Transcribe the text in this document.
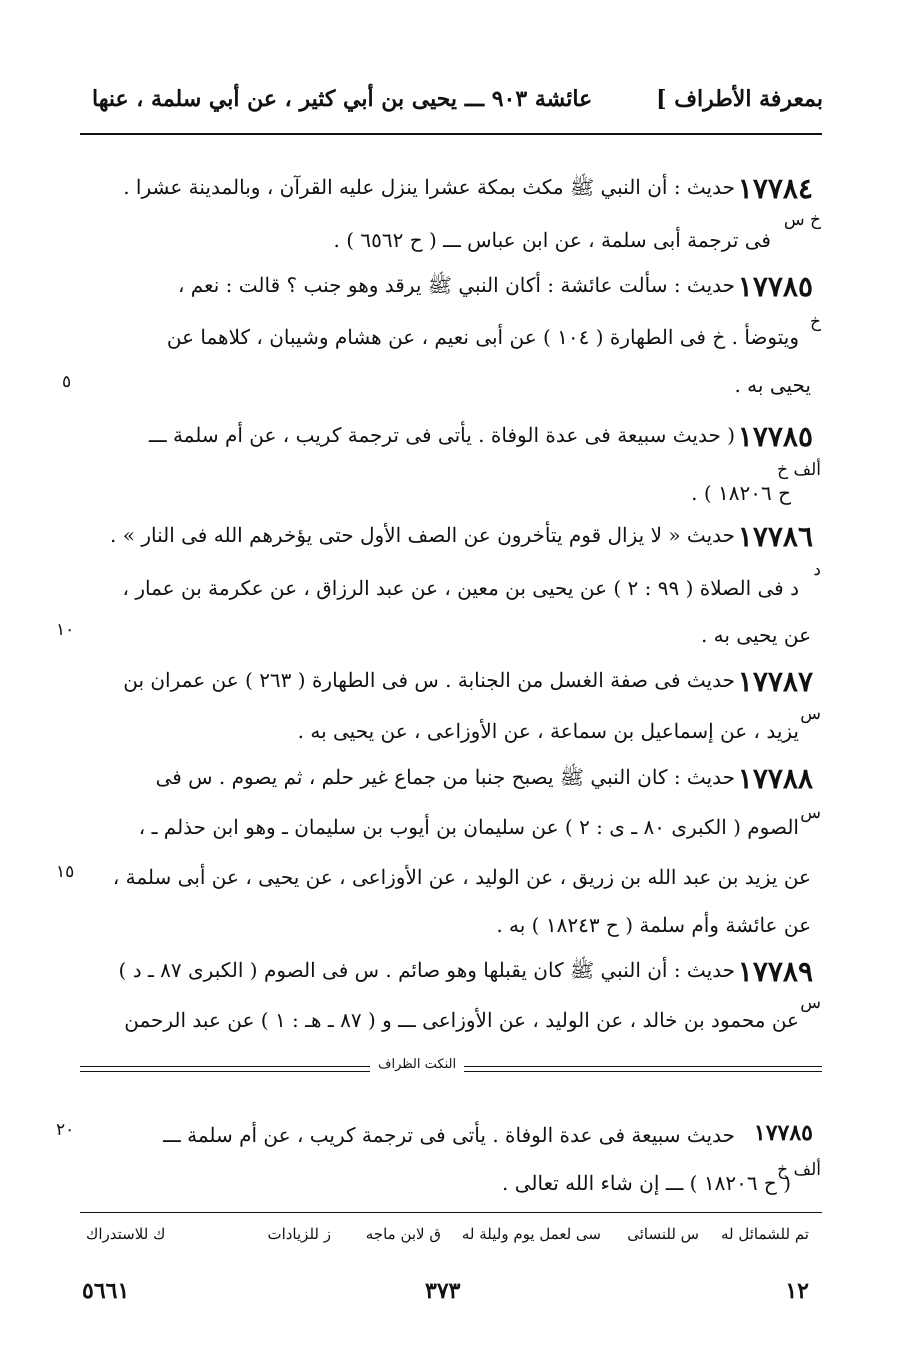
بمعرفة الأطراف ]
عائشة ٩٠٣ ـــ يحيى بن أبي كثير ، عن أبي سلمة ، عنها
١٧٧٨٤
حديث : أن النبي ﷺ مكث بمكة عشرا ينزل عليه القرآن ، وبالمدينة عشرا .
خ س
فى ترجمة أبى سلمة ، عن ابن عباس ـــ ( ح ٦٥٦٢ ) .
١٧٧٨٥
حديث : سألت عائشة : أكان النبي ﷺ يرقد وهو جنب ؟ قالت : نعم ،
خ
ويتوضأ . خ فى الطهارة ( ١٠٤ ) عن أبى نعيم ، عن هشام وشيبان ، كلاهما عن
يحيى به .
١٧٧٨٥
( حديث سبيعة فى عدة الوفاة . يأتى فى ترجمة كريب ، عن أم سلمة ـــ
ألف خ
ح ١٨٢٠٦ ) .
١٧٧٨٦
حديث « لا يزال قوم يتأخرون عن الصف الأول حتى يؤخرهم الله فى النار » .
د
د فى الصلاة ( ٩٩ : ٢ ) عن يحيى بن معين ، عن عبد الرزاق ، عن عكرمة بن عمار ،
عن يحيى به .
١٧٧٨٧
حديث فى صفة الغسل من الجنابة . س فى الطهارة ( ٢٦٣ ) عن عمران بن
س
يزيد ، عن إسماعيل بن سماعة ، عن الأوزاعى ، عن يحيى به .
١٧٧٨٨
حديث : كان النبي ﷺ يصبح جنبا من جماع غير حلم ، ثم يصوم . س فى
س
الصوم ( الكبرى ٨٠ ـ ى : ٢ ) عن سليمان بن أيوب بن سليمان ـ وهو ابن حذلم ـ ،
عن يزيد بن عبد الله بن زريق ، عن الوليد ، عن الأوزاعى ، عن يحيى ، عن أبى سلمة ،
عن عائشة وأم سلمة ( ح ١٨٢٤٣ ) به .
١٧٧٨٩
حديث : أن النبي ﷺ كان يقبلها وهو صائم . س فى الصوم ( الكبرى ٨٧ ـ د )
س
عن محمود بن خالد ، عن الوليد ، عن الأوزاعى ـــ و ( ٨٧ ـ هـ : ١ ) عن عبد الرحمن
النكت الظراف
١٧٧٨٥
حديث سبيعة فى عدة الوفاة . يأتى فى ترجمة كريب ، عن أم سلمة ـــ
ألف خ
( ح ١٨٢٠٦ ) ـــ إن شاء الله تعالى .
٥
١٠
١٥
٢٠
تم للشمائل له
س للنسائى
سى لعمل يوم وليلة له
ق لابن ماجه
ز للزيادات
ك للاستدراك
٥٦٦١	٣٧٣	١٢
